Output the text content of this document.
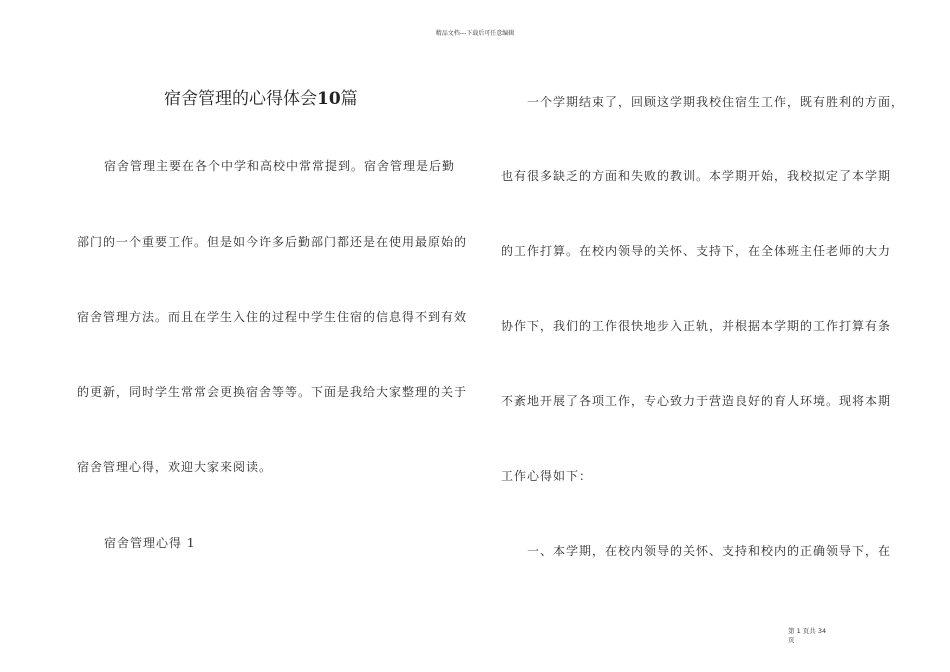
精品文档---下载后可任意编辑
宿舍管理的心得体会10篇
宿舍管理主要在各个中学和高校中常常提到。宿舍管理是后勤
部门的一个重要工作。但是如今许多后勤部门都还是在使用最原始的
宿舍管理方法。而且在学生入住的过程中学生住宿的信息得不到有效
的更新，同时学生常常会更换宿舍等等。下面是我给大家整理的关于
宿舍管理心得，欢迎大家来阅读。
宿舍管理心得 1
一个学期结束了，回顾这学期我校住宿生工作，既有胜利的方面，
也有很多缺乏的方面和失败的教训。本学期开始，我校拟定了本学期
的工作打算。在校内领导的关怀、支持下，在全体班主任老师的大力
协作下，我们的工作很快地步入正轨，并根据本学期的工作打算有条
不紊地开展了各项工作，专心致力于营造良好的育人环境。现将本期
工作心得如下：
一、本学期，在校内领导的关怀、支持和校内的正确领导下，在
第 1 页共 34
页
